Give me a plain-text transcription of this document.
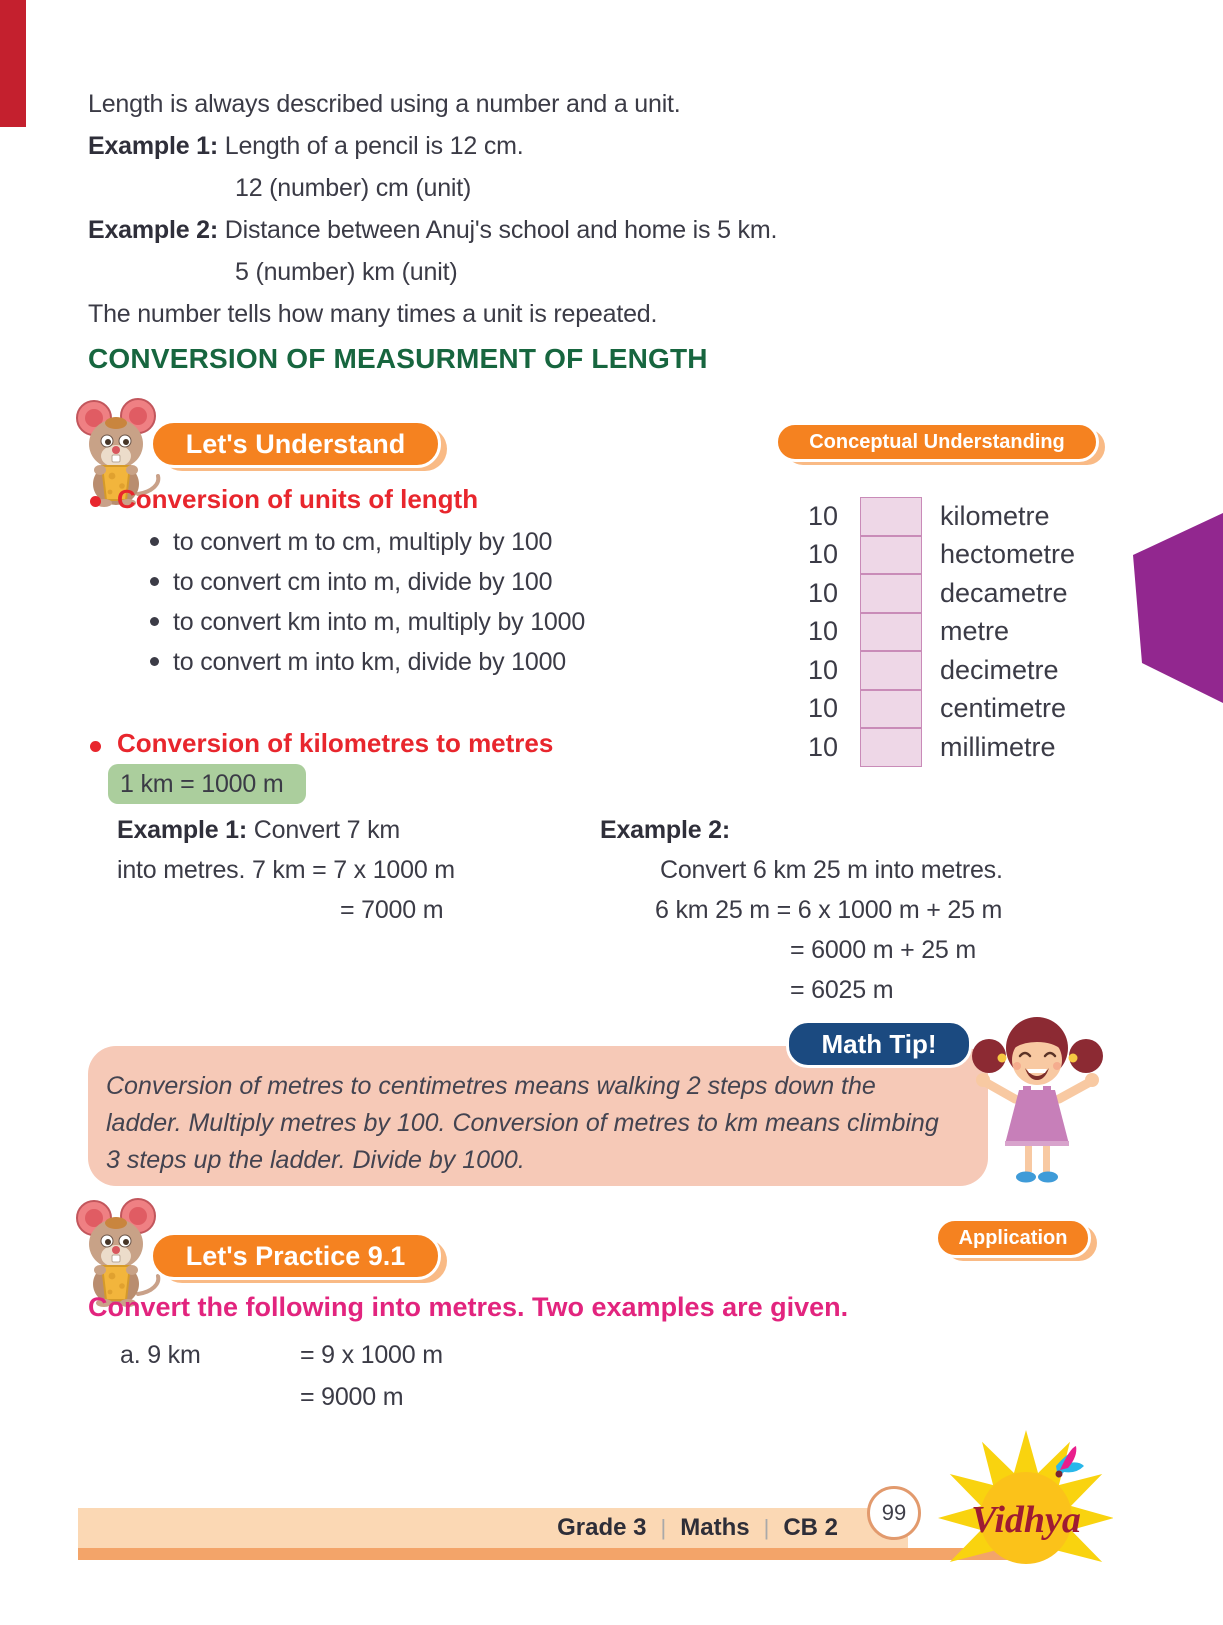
Length is always described using a number and a unit.
Example 1: Length of a pencil is 12 cm.
12 (number) cm (unit)
Example 2: Distance between Anuj's school and home is 5 km.
5 (number) km (unit)
The number tells how many times a unit is repeated.
CONVERSION OF MEASURMENT OF LENGTH
Let's Understand	Conceptual Understanding
Conversion of units of length
to convert m to cm, multiply by 100
to convert cm into m, divide by 100
to convert km into m, multiply by 1000
to convert m into km, divide by 1000
10	kilometre
10	hectometre
10	decametre
10	metre
10	decimetre
10	centimetre
10	millimetre
Conversion of kilometres to metres
1 km = 1000 m
Example 1: Convert 7 km
into metres. 7 km = 7 x 1000 m
= 7000 m
Example 2:
Convert 6 km 25 m into metres.
6 km 25 m = 6 x 1000 m + 25 m
= 6000 m + 25 m
= 6025 m
Math Tip!
Conversion of metres to centimetres means walking 2 steps down the ladder. Multiply metres by 100. Conversion of metres to km means climbing 3 steps up the ladder. Divide by 1000.
Let's Practice 9.1
Application
Convert the following into metres. Two examples are given.
a. 9 km	= 9 x 1000 m
= 9000 m
Grade 3 | Maths | CB 2
99	Vidhya
